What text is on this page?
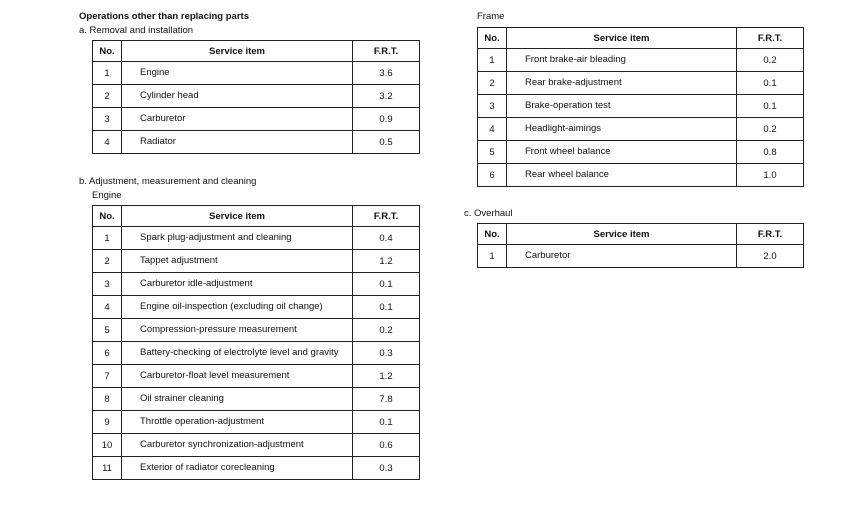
Operations other than replacing parts
a. Removal and installation
No.	Service item	F.R.T.
1	Engine	3.6
2	Cylinder head	3.2
3	Carburetor	0.9
4	Radiator	0.5
b. Adjustment, measurement and cleaning
Engine
No.	Service item	F.R.T.
1	Spark plug-adjustment and cleaning	0.4
2	Tappet adjustment	1.2
3	Carburetor idle-adjustment	0.1
4	Engine oil-inspection (excluding oil change)	0.1
5	Compression-pressure measurement	0.2
6	Battery-checking of electrolyte level and gravity	0.3
7	Carburetor-float level measurement	1.2
8	Oil strainer cleaning	7.8
9	Throttle operation-adjustment	0.1
10	Carburetor synchronization-adjustment	0.6
11	Exterior of radiator corecleaning	0.3
Frame
No.	Service item	F.R.T.
1	Front brake-air bleading	0.2
2	Rear brake-adjustment	0.1
3	Brake-operation test	0.1
4	Headlight-aimings	0.2
5	Front wheel balance	0.8
6	Rear wheel balance	1.0
c. Overhaul
No.	Service item	F.R.T.
1	Carburetor	2.0
